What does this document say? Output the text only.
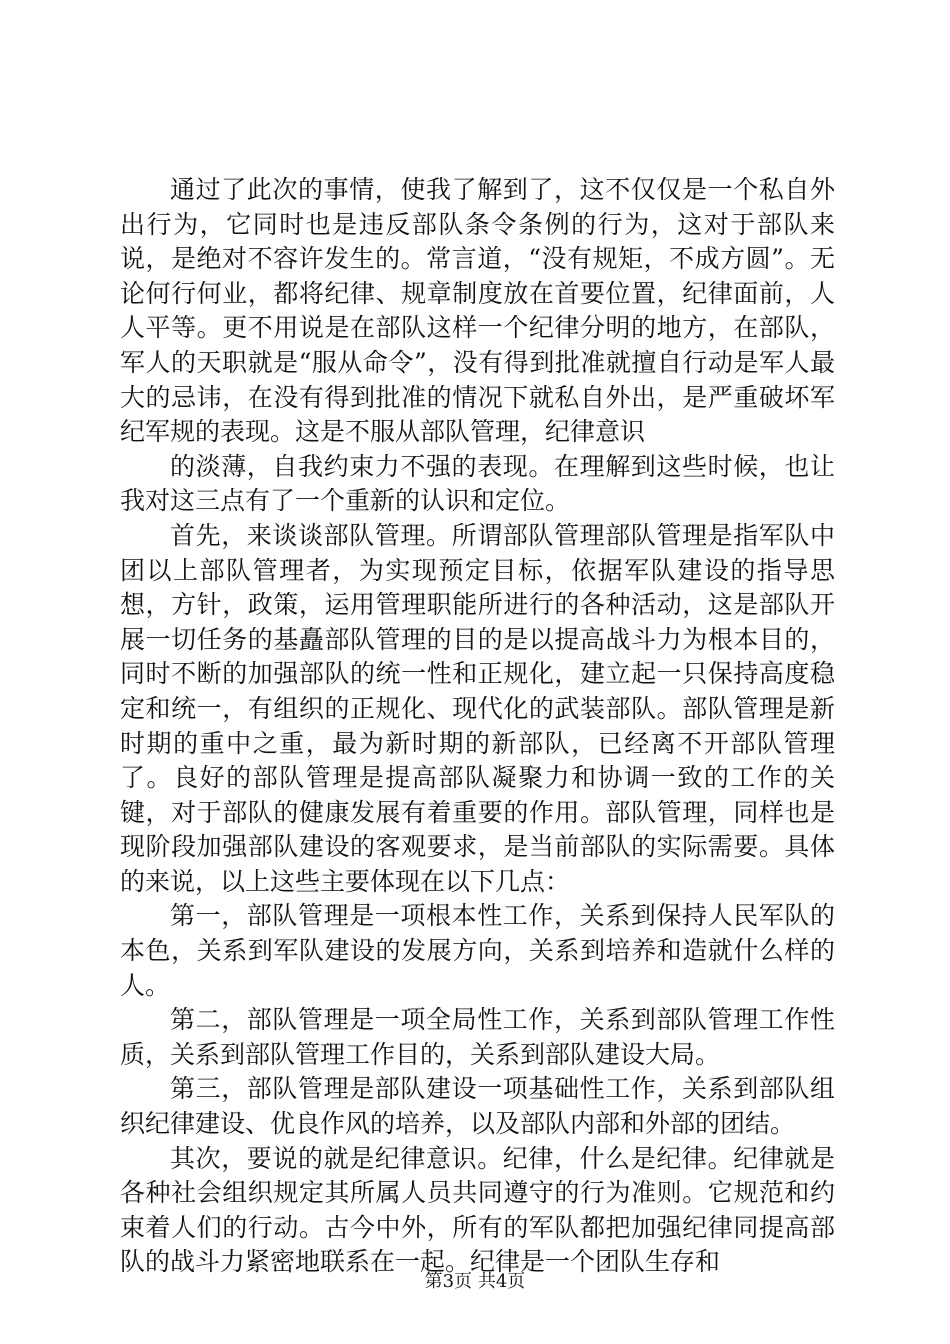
通过了此次的事情，使我了解到了，这不仅仅是一个私自外出行为，它同时也是违反部队条令条例的行为，这对于部队来说，是绝对不容许发生的。常言道，“没有规矩，不成方圆”。无论何行何业，都将纪律、规章制度放在首要位置，纪律面前，人人平等。更不用说是在部队这样一个纪律分明的地方，在部队，军人的天职就是“服从命令”，没有得到批准就擅自行动是军人最大的忌讳，在没有得到批准的情况下就私自外出，是严重破坏军纪军规的表现。这是不服从部队管理，纪律意识

的淡薄，自我约束力不强的表现。在理解到这些时候，也让我对这三点有了一个重新的认识和定位。

首先，来谈谈部队管理。所谓部队管理部队管理是指军队中团以上部队管理者，为实现预定目标，依据军队建设的指导思想，方针，政策，运用管理职能所进行的各种活动，这是部队开展一切任务的基矗部队管理的目的是以提高战斗力为根本目的，同时不断的加强部队的统一性和正规化，建立起一只保持高度稳定和统一，有组织的正规化、现代化的武装部队。部队管理是新时期的重中之重，最为新时期的新部队，已经离不开部队管理了。良好的部队管理是提高部队凝聚力和协调一致的工作的关键，对于部队的健康发展有着重要的作用。部队管理，同样也是现阶段加强部队建设的客观要求，是当前部队的实际需要。具体的来说，以上这些主要体现在以下几点：

第一，部队管理是一项根本性工作，关系到保持人民军队的本色，关系到军队建设的发展方向，关系到培养和造就什么样的人。

第二，部队管理是一项全局性工作，关系到部队管理工作性质，关系到部队管理工作目的，关系到部队建设大局。

第三，部队管理是部队建设一项基础性工作，关系到部队组织纪律建设、优良作风的培养，以及部队内部和外部的团结。

其次，要说的就是纪律意识。纪律，什么是纪律。纪律就是各种社会组织规定其所属人员共同遵守的行为准则。它规范和约束着人们的行动。古今中外，所有的军队都把加强纪律同提高部队的战斗力紧密地联系在一起。纪律是一个团队生存和

第3页 共4页
